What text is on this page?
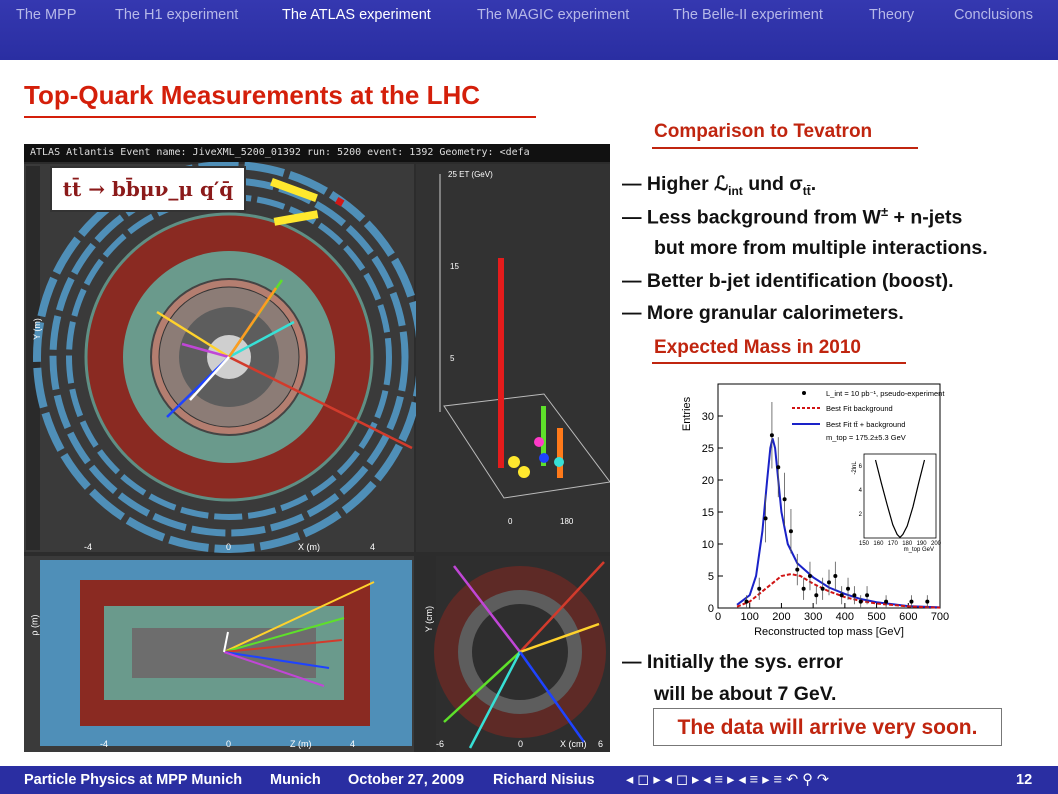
The MPP	The H1 experiment	The ATLAS experiment	The MAGIC experiment	The Belle-II experiment	Theory	Conclusions
Top-Quark Measurements at the LHC
ATLAS Atlantis Event name: JiveXML_5200_01392 run: 5200 event: 1392 Geometry: <defa
tt̄ → bb̄μν_μ q′q̄
X (m)
Y (m)
-4	0	4
25 ET (GeV)
15
5
0	180
Z (m)
ρ (m)
-4	0	4	X (cm)
Y (cm)
-6	0	6
Comparison to Tevatron
— Higher ℒ$_{int}$ und $\sigma_{tt̄}$.
— Less background from W± + n-jets
but more from multiple interactions.
— Better b-jet identification (boost).
— More granular calorimeters.
Expected Mass in 2010
0 100 200 300 400 500 600 700
0
5
10
15
20
25
30
Reconstructed top mass [GeV]
Entries
L_int = 10 pb⁻¹, pseudo-experiment
Best Fit background
Best Fit tt̄ + background
m_top = 175.2±5.3 GeV
150 160 170 180 190 200
2
4
6
m_top GeV
-2lnL
— Initially the sys. error
will be about 7 GeV.
The data will arrive very soon.
Particle Physics at MPP Munich Munich October 27, 2009 Richard Nisius ◂ ◻ ▸ ◂ ◻ ▸ ◂ ≡ ▸ ◂ ≡ ▸ ≡ ↶ ⚲ ↷	12
